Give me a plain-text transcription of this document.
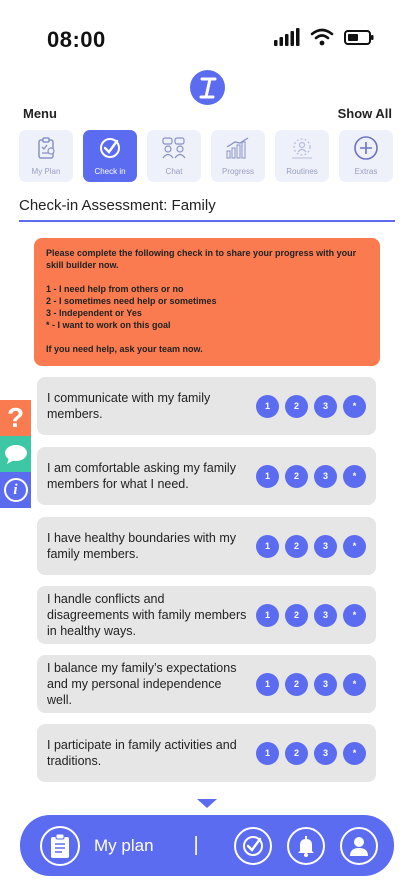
08:00
Menu	Show All
My Plan	Check in	Chat	Progress	Routines	Extras
Check-in Assessment: Family

Please complete the following check in to share your progress with your skill builder now.

1 - I need help from others or no

2 - I sometimes need help or sometimes

3 - Independent or Yes

* - I want to work on this goal

If you need help, ask your team now.

?
i
I communicate with my family members.
1	2	3	*
I am comfortable asking my family members for what I need.
1	2	3	*
I have healthy boundaries with my family members.
1	2	3	*
I handle conflicts and disagreements with family members in healthy ways.
1	2	3	*
I balance my family’s expectations and my personal independence well.
1	2	3	*
I participate in family activities and traditions.
1	2	3	*
My plan |
